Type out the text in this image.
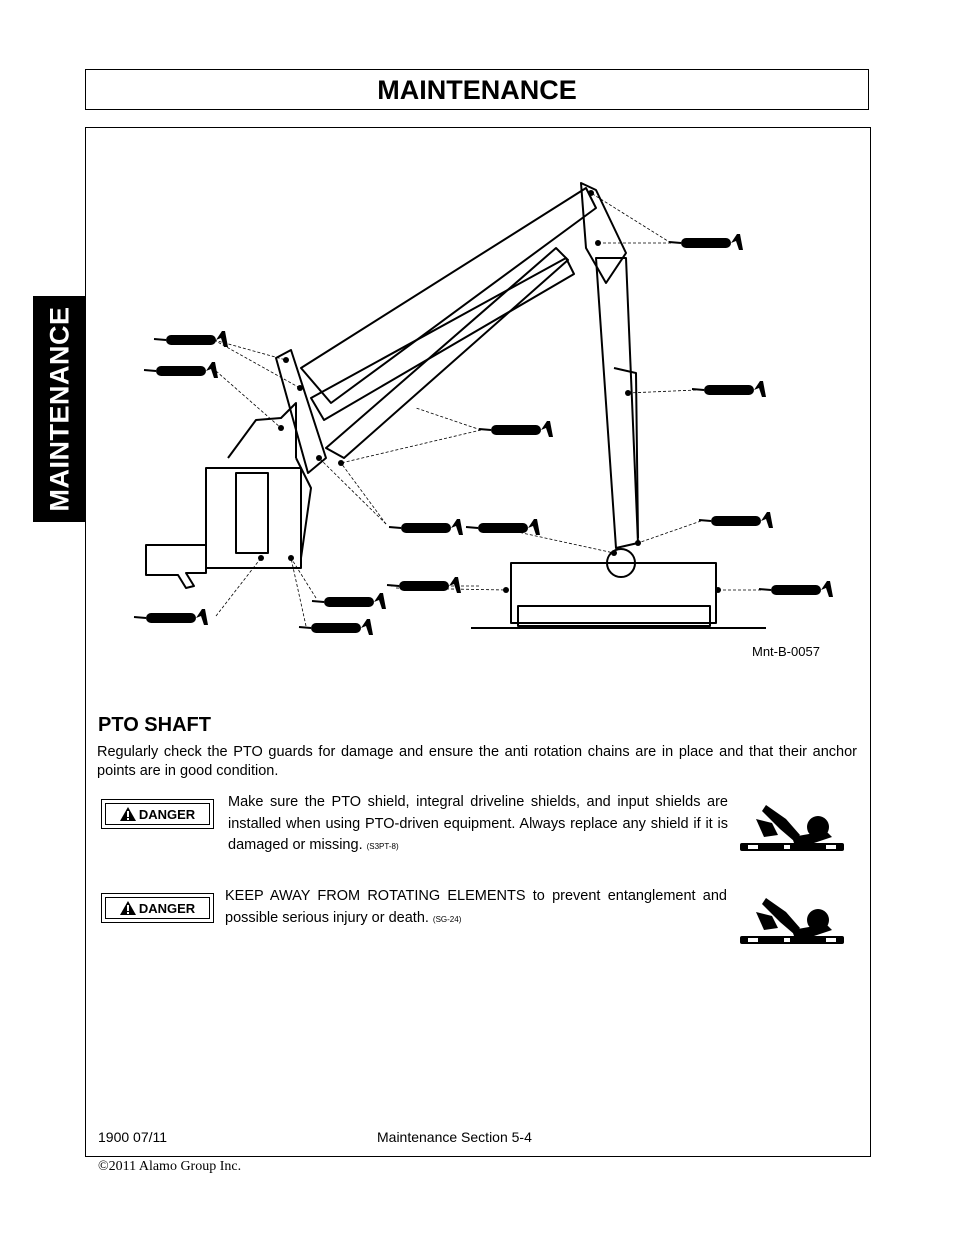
MAINTENANCE
MAINTENANCE
Mnt-B-0057
PTO SHAFT
Regularly check the PTO guards for damage and ensure the anti rotation chains are in place and that their anchor points are in good condition.
DANGER
Make sure the PTO shield, integral driveline shields, and input shields are installed when using PTO-driven equipment. Always replace any shield if it is damaged or missing. (S3PT-8)
DANGER
KEEP AWAY FROM ROTATING ELEMENTS to prevent entanglement and possible serious injury or death. (SG-24)
1900 07/11	Maintenance Section 5-4
©2011 Alamo Group Inc.
